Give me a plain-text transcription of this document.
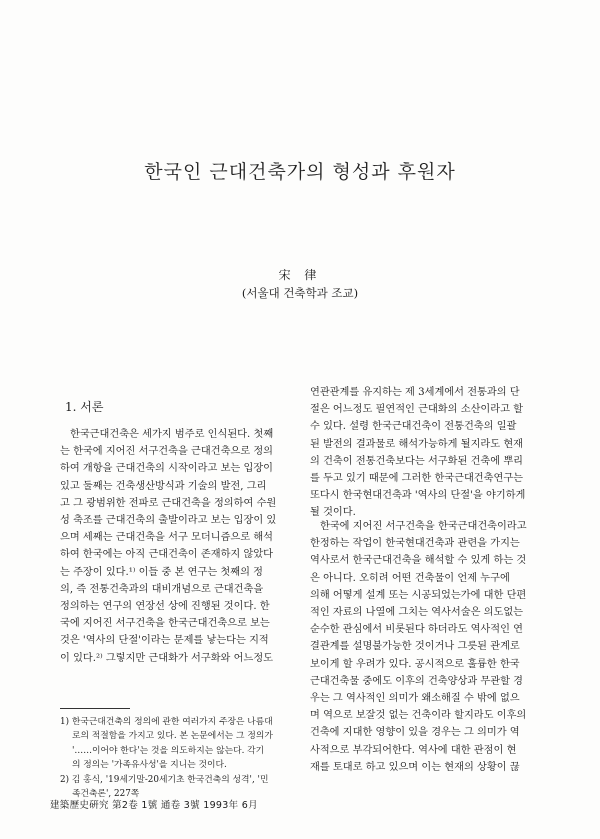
한국인 근대건축가의 형성과 후원자
宋 律
(서울대 건축학과 조교)
1. 서론
한국근대건축은 세가지 범주로 인식된다. 첫째
는 한국에 지어진 서구건축을 근대건축으로 정의
하여 개항을 근대건축의 시작이라고 보는 입장이
있고 둘째는 건축생산방식과 기술의 발전, 그리
고 그 광범위한 전파로 근대건축을 정의하여 수원
성 축조를 근대건축의 출발이라고 보는 입장이 있
으며 세째는 근대건축을 서구 모더니즘으로 해석
하여 한국에는 아직 근대건축이 존재하지 않았다
는 주장이 있다.¹⁾ 이들 중 본 연구는 첫째의 정
의, 즉 전통건축과의 대비개념으로 근대건축을
정의하는 연구의 연장선 상에 진행된 것이다. 한
국에 지어진 서구건축을 한국근대건축으로 보는
것은 '역사의 단절'이라는 문제를 낳는다는 지적
이 있다.²⁾ 그렇지만 근대화가 서구화와 어느정도
연관관계를 유지하는 제 3세계에서 전통과의 단
절은 어느정도 필연적인 근대화의 소산이라고 할
수 있다. 설령 한국근대건축이 전통건축의 일괄
된 발전의 결과물로 해석가능하게 될지라도 현재
의 건축이 전통건축보다는 서구화된 건축에 뿌리
를 두고 있기 때문에 그러한 한국근대건축연구는
또다시 한국현대건축과 '역사의 단절'을 야기하게
될 것이다.
한국에 지어진 서구건축을 한국근대건축이라고
한정하는 작업이 한국현대건축과 관련을 가지는
역사로서 한국근대건축을 해석할 수 있게 하는 것
은 아니다. 오히려 어떤 건축물이 언제 누구에
의해 어떻게 설계 또는 시공되었는가에 대한 단편
적인 자료의 나열에 그치는 역사서술은 의도없는
순수한 관심에서 비롯된다 하더라도 역사적인 연
결관계를 설명불가능한 것이거나 그릇된 관계로
보이게 할 우려가 있다. 공시적으로 훌륭한 한국
근대건축물 중에도 이후의 건축양상과 무관할 경
우는 그 역사적인 의미가 왜소해질 수 밖에 없으
며 역으로 보잘것 없는 건축이라 할지라도 이후의
건축에 지대한 영향이 있을 경우는 그 의미가 역
사적으로 부각되어한다. 역사에 대한 관점이 현
재를 토대로 하고 있으며 이는 현재의 상황이 끊
1) 한국근대건축의 정의에 관한 여러가지 주장은 나름대
로의 적절함을 가지고 있다. 본 논문에서는 그 정의가
'……이어야 한다'는 것을 의도하지는 않는다. 각기
의 정의는 '가족유사성'을 지니는 것이다.
2) 김 홍식, '19세기말-20세기초 한국건축의 성격', '민
족건축론', 227쪽
建築歷史硏究 第2卷 1號 通卷 3號 1993年 6月
